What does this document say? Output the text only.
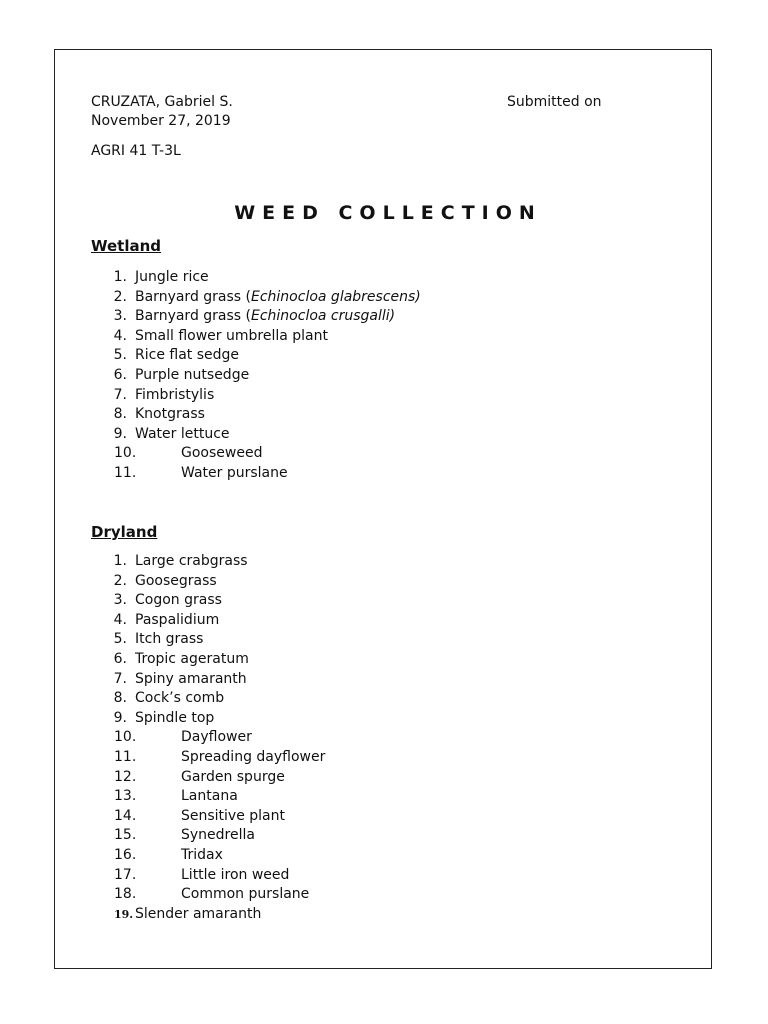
CRUZATA, Gabriel S.	Submitted on
November 27, 2019
AGRI 41 T-3L
WEED COLLECTION
Wetland
1. Jungle rice
2. Barnyard grass (Echinocloa glabrescens)
3. Barnyard grass (Echinocloa crusgalli)
4. Small flower umbrella plant
5. Rice flat sedge
6. Purple nutsedge
7. Fimbristylis
8. Knotgrass
9. Water lettuce
10.	Gooseweed
11.	Water purslane
Dryland
1. Large crabgrass
2. Goosegrass
3. Cogon grass
4. Paspalidium
5. Itch grass
6. Tropic ageratum
7. Spiny amaranth
8. Cock’s comb
9. Spindle top
10.	Dayflower
11.	Spreading dayflower
12.	Garden spurge
13.	Lantana
14.	Sensitive plant
15.	Synedrella
16.	Tridax
17.	Little iron weed
18.	Common purslane
19. Slender amaranth
